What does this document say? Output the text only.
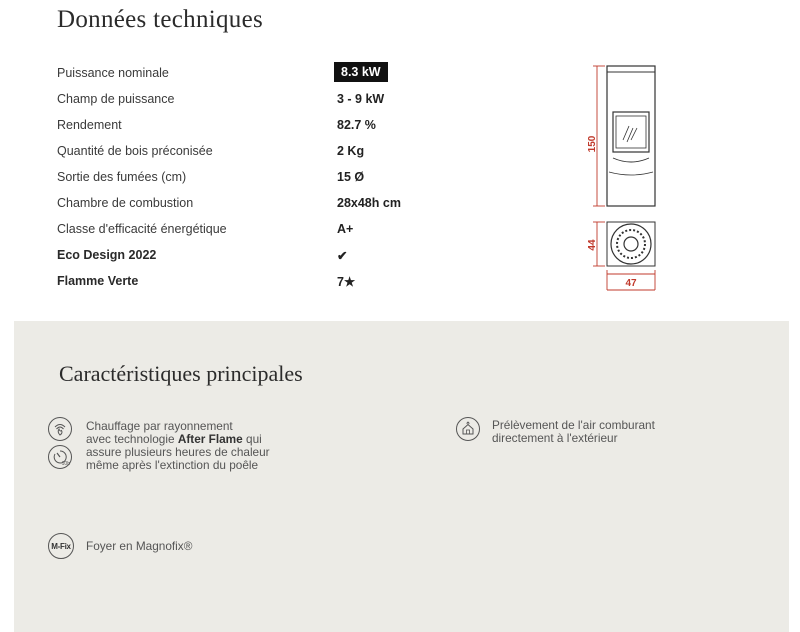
Données techniques
Puissance nominale	8.3 kW
Champ de puissance	3 - 9 kW
Rendement	82.7 %
Quantité de bois préconisée	2 Kg
Sortie des fumées (cm)	15 Ø
Chambre de combustion	28x48h cm
Classe d'efficacité énergétique	A+
Eco Design 2022	✔
Flamme Verte	7★
150
44
47
Caractéristiques principales
10h
Chauffage par rayonnement
avec technologie After Flame qui
assure plusieurs heures de chaleur
même après l'extinction du poêle
Prélèvement de l'air comburant
directement à l'extérieur
M-Fix Foyer en Magnofix®
